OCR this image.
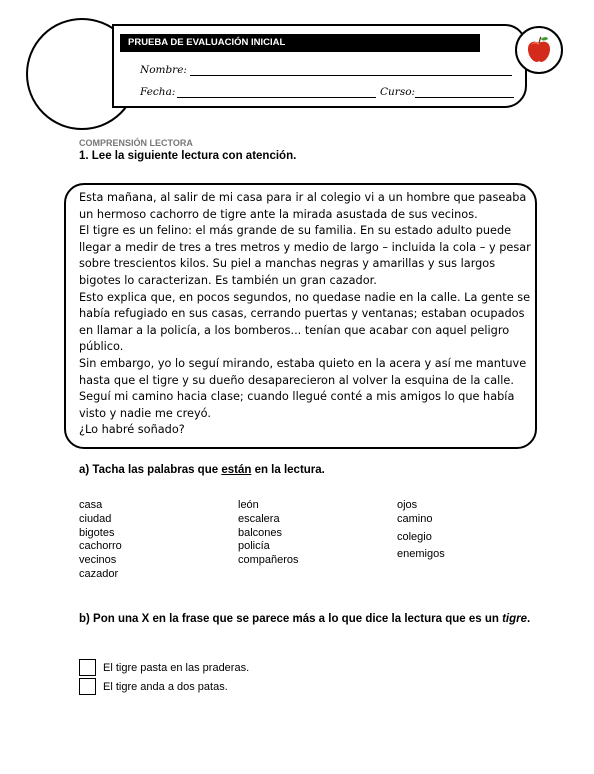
PRUEBA DE EVALUACIÓN INICIAL
Nombre:
Fecha:	Curso:
COMPRENSIÓN LECTORA
1. Lee la siguiente lectura con atención.

Esta mañana, al salir de mi casa para ir al colegio vi a un hombre que paseaba un hermoso cachorro de tigre ante la mirada asustada de sus vecinos.

El tigre es un felino: el más grande de su familia. En su estado adulto puede llegar a medir de tres a tres metros y medio de largo – incluida la cola – y pesar sobre trescientos kilos. Su piel a manchas negras y amarillas y sus largos bigotes lo caracterizan. Es también un gran cazador.

Esto explica que, en pocos segundos, no quedase nadie en la calle. La gente se había refugiado en sus casas, cerrando puertas y ventanas; estaban ocupados en llamar a la policía, a los bomberos... tenían que acabar con aquel peligro público.

Sin embargo, yo lo seguí mirando, estaba quieto en la acera y así me mantuve hasta que el tigre y su dueño desaparecieron al volver la esquina de la calle.

Seguí mi camino hacia clase; cuando llegué conté a mis amigos lo que había visto y nadie me creyó.

¿Lo habré soñado?

a) Tacha las palabras que están en la lectura.
casa
ciudad
bigotes
cachorro
vecinos
cazador
león
escalera
balcones
policía
compañeros
ojos
camino
colegio
enemigos
b) Pon una X en la frase que se parece más a lo que dice la lectura que es un tigre.
El tigre pasta en las praderas.
El tigre anda a dos patas.
